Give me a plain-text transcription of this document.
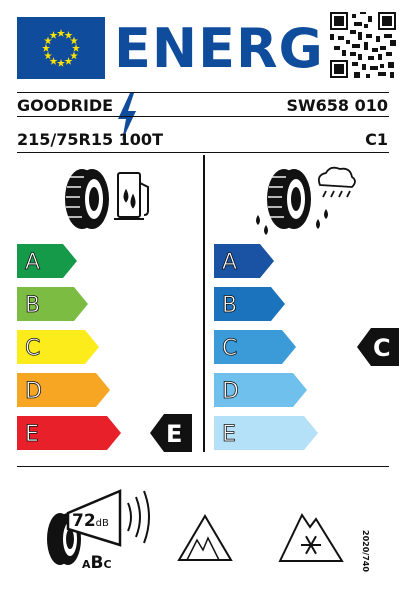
ENERG
GOODRIDE	SW658 010
215/75R15 100T	C1
A
B
C
D
E	E
A
B
C	C
D
E
72dB
ABC	2020/740
